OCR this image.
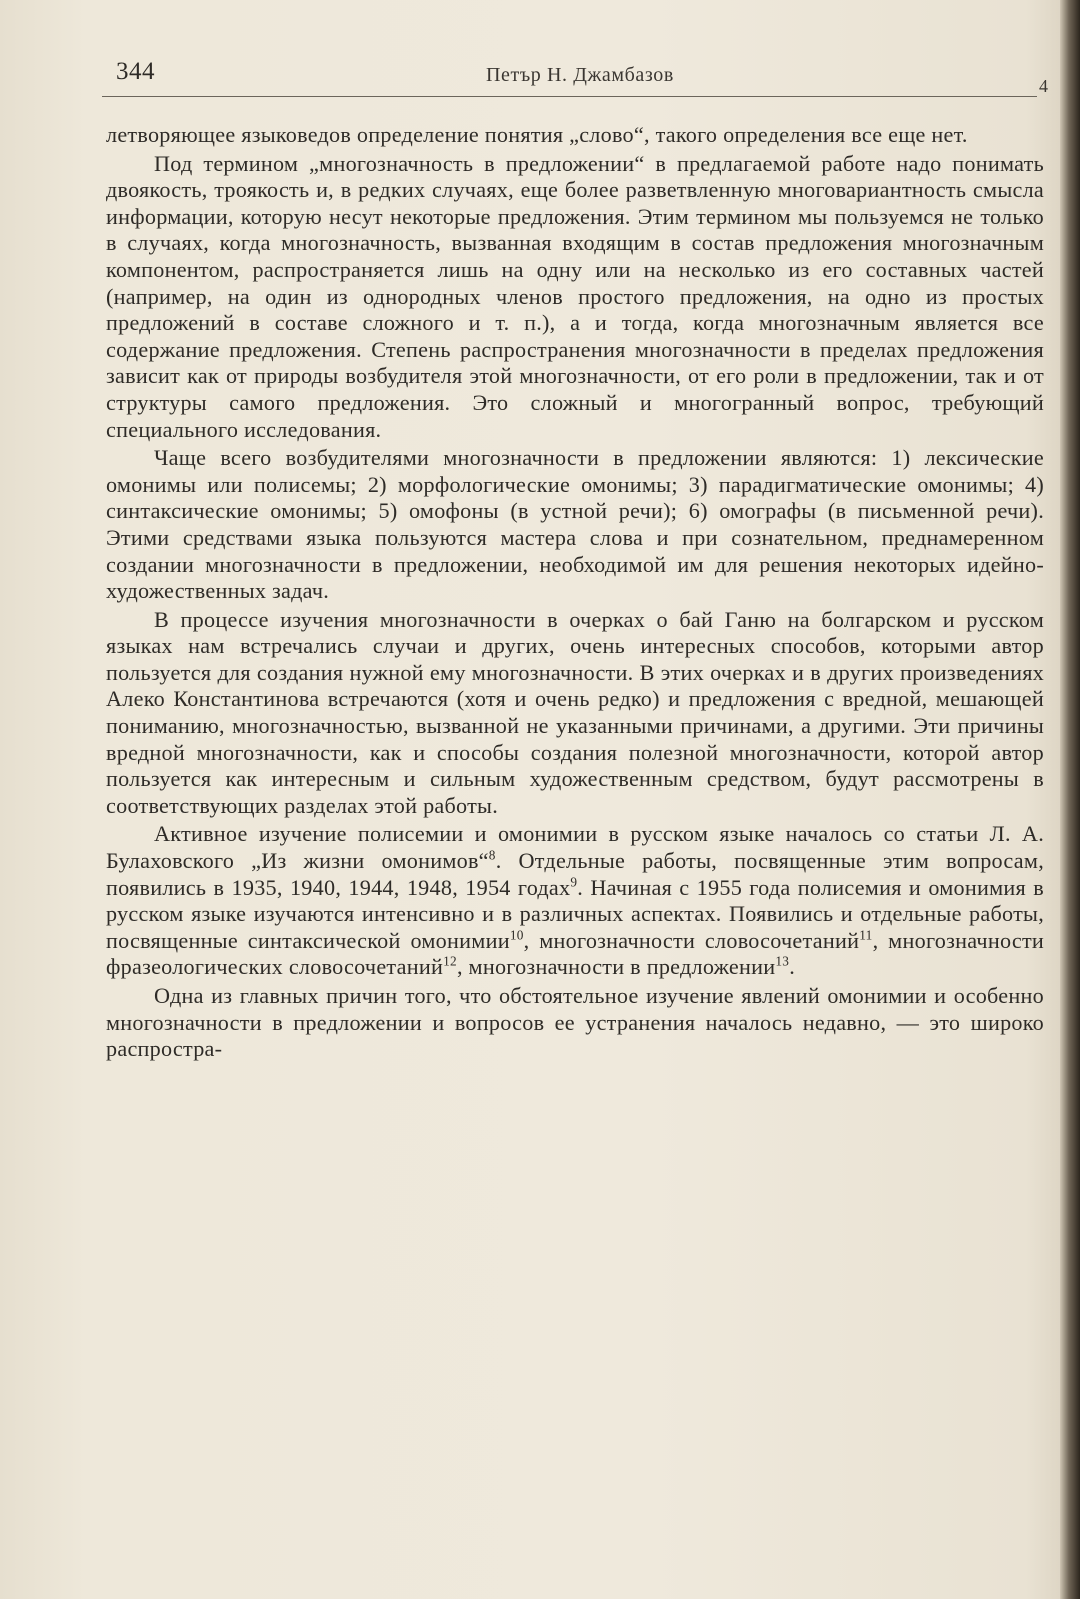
344	Петър Н. Джамбазов	4

летворяющее языковедов определение понятия „слово“, такого определения все еще нет.

Под термином „многозначность в предложении“ в предлагаемой работе надо понимать двоякость, троякость и, в редких случаях, еще более разветвленную многовариантность смысла информации, которую несут некоторые предложения. Этим термином мы пользуемся не только в случаях, когда многозначность, вызванная входящим в состав предложения многозначным компонентом, распространяется лишь на одну или на несколько из его составных частей (например, на один из однородных членов простого предложения, на одно из простых предложений в составе сложного и т. п.), а и тогда, когда многозначным является все содержание предложения. Степень распространения многозначности в пределах предложения зависит как от природы возбудителя этой многозначности, от его роли в предложении, так и от структуры самого предложения. Это сложный и многогранный вопрос, требующий специального исследования.

Чаще всего возбудителями многозначности в предложении являются: 1) лексические омонимы или полисемы; 2) морфологические омонимы; 3) парадигматические омонимы; 4) синтаксические омонимы; 5) омофоны (в устной речи); 6) омографы (в письменной речи). Этими средствами языка пользуются мастера слова и при сознательном, преднамеренном создании многозначности в предложении, необходимой им для решения некоторых идейно-художественных задач.

В процессе изучения многозначности в очерках о бай Ганю на болгарском и русском языках нам встречались случаи и других, очень интересных способов, которыми автор пользуется для создания нужной ему многозначности. В этих очерках и в других произведениях Алеко Константинова встречаются (хотя и очень редко) и предложения с вредной, мешающей пониманию, многозначностью, вызванной не указанными причинами, а другими. Эти причины вредной многозначности, как и способы создания полезной многозначности, которой автор пользуется как интересным и сильным художественным средством, будут рассмотрены в соответствующих разделах этой работы.

Активное изучение полисемии и омонимии в русском языке началось со статьи Л. А. Булаховского „Из жизни омонимов“$^8$. Отдельные работы, посвященные этим вопросам, появились в 1935, 1940, 1944, 1948, 1954 годах$^9$. Начиная с 1955 года полисемия и омонимия в русском языке изучаются интенсивно и в различных аспектах. Появились и отдельные работы, посвященные синтаксической омонимии$^{10}$, многозначности словосочетаний$^{11}$, многозначности фразеологических словосочетаний$^{12}$, многозначности в предложении$^{13}$.

Одна из главных причин того, что обстоятельное изучение явлений омонимии и особенно многозначности в предложении и вопросов ее устранения началось недавно, — это широко распростра-
